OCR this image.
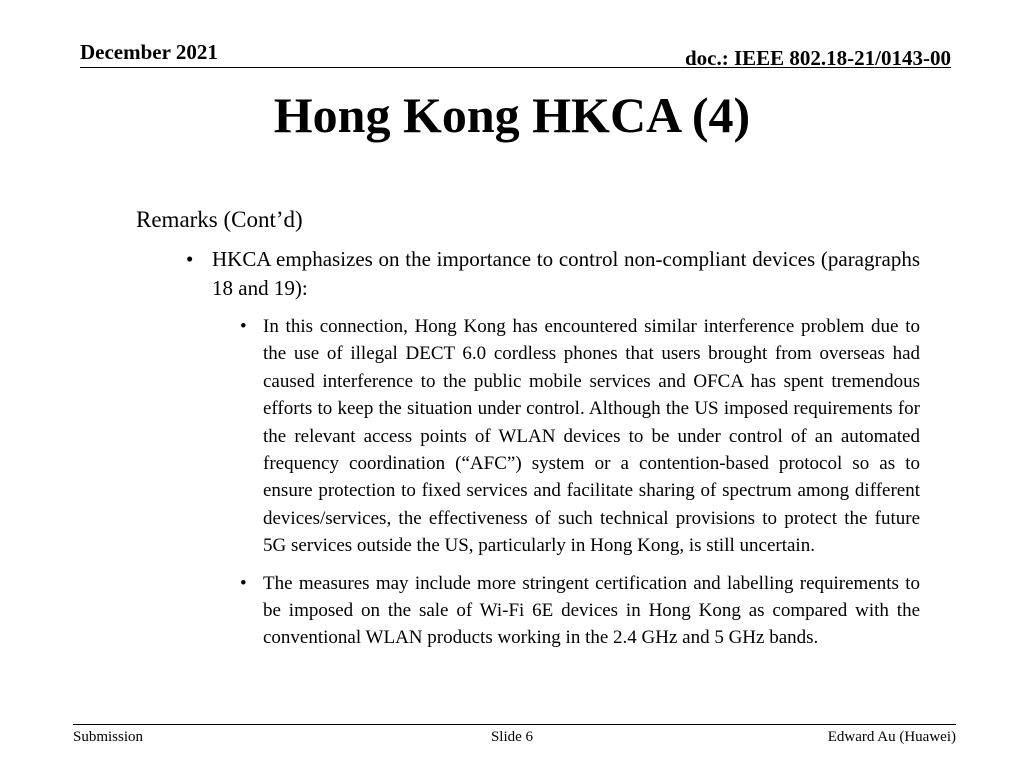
December 2021	doc.: IEEE 802.18-21/0143-00
Hong Kong HKCA (4)

Remarks (Cont’d)

• HKCA emphasizes on the importance to control non-compliant devices (paragraphs 18 and 19):
• In this connection, Hong Kong has encountered similar interference problem due to the use of illegal DECT 6.0 cordless phones that users brought from overseas had caused interference to the public mobile services and OFCA has spent tremendous efforts to keep the situation under control. Although the US imposed requirements for the relevant access points of WLAN devices to be under control of an automated frequency coordination (“AFC”) system or a contention-based protocol so as to ensure protection to fixed services and facilitate sharing of spectrum among different devices/services, the effectiveness of such technical provisions to protect the future 5G services outside the US, particularly in Hong Kong, is still uncertain.
• The measures may include more stringent certification and labelling requirements to be imposed on the sale of Wi-Fi 6E devices in Hong Kong as compared with the conventional WLAN products working in the 2.4 GHz and 5 GHz bands.
Submission	Slide 6	Edward Au (Huawei)
